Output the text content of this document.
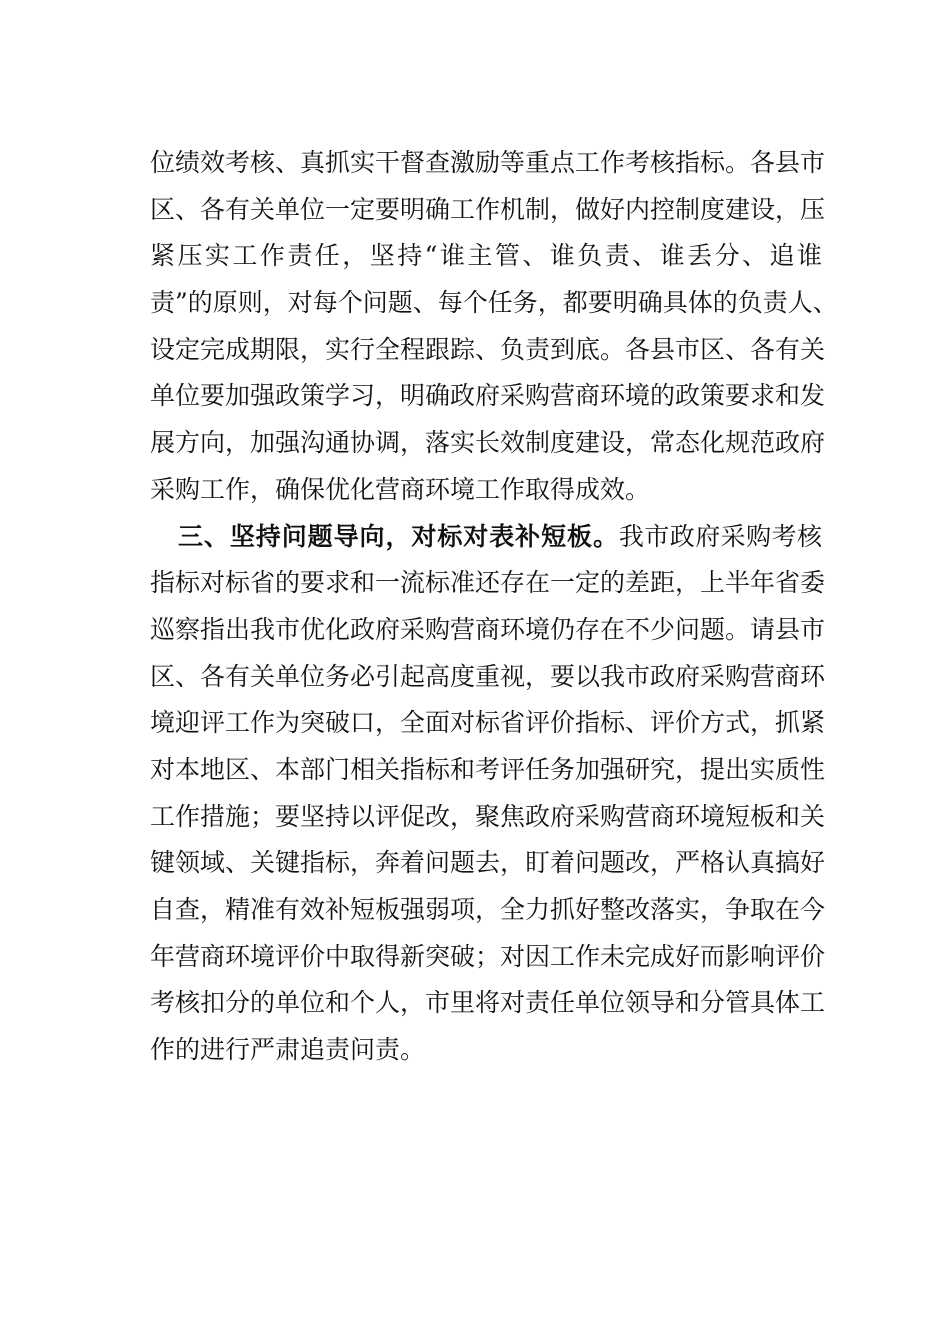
位绩效考核、真抓实干督查激励等重点工作考核指标。各县市
区、各有关单位一定要明确工作机制，做好内控制度建设，压
紧压实工作责任，坚持“谁主管、谁负责、谁丢分、追谁
责”的原则，对每个问题、每个任务，都要明确具体的负责人、
设定完成期限，实行全程跟踪、负责到底。各县市区、各有关
单位要加强政策学习，明确政府采购营商环境的政策要求和发
展方向，加强沟通协调，落实长效制度建设，常态化规范政府
采购工作，确保优化营商环境工作取得成效。
三、坚持问题导向，对标对表补短板。我市政府采购考核
指标对标省的要求和一流标准还存在一定的差距，上半年省委
巡察指出我市优化政府采购营商环境仍存在不少问题。请县市
区、各有关单位务必引起高度重视，要以我市政府采购营商环
境迎评工作为突破口，全面对标省评价指标、评价方式，抓紧
对本地区、本部门相关指标和考评任务加强研究，提出实质性
工作措施；要坚持以评促改，聚焦政府采购营商环境短板和关
键领域、关键指标，奔着问题去，盯着问题改，严格认真搞好
自查，精准有效补短板强弱项，全力抓好整改落实，争取在今
年营商环境评价中取得新突破；对因工作未完成好而影响评价
考核扣分的单位和个人，市里将对责任单位领导和分管具体工
作的进行严肃追责问责。
